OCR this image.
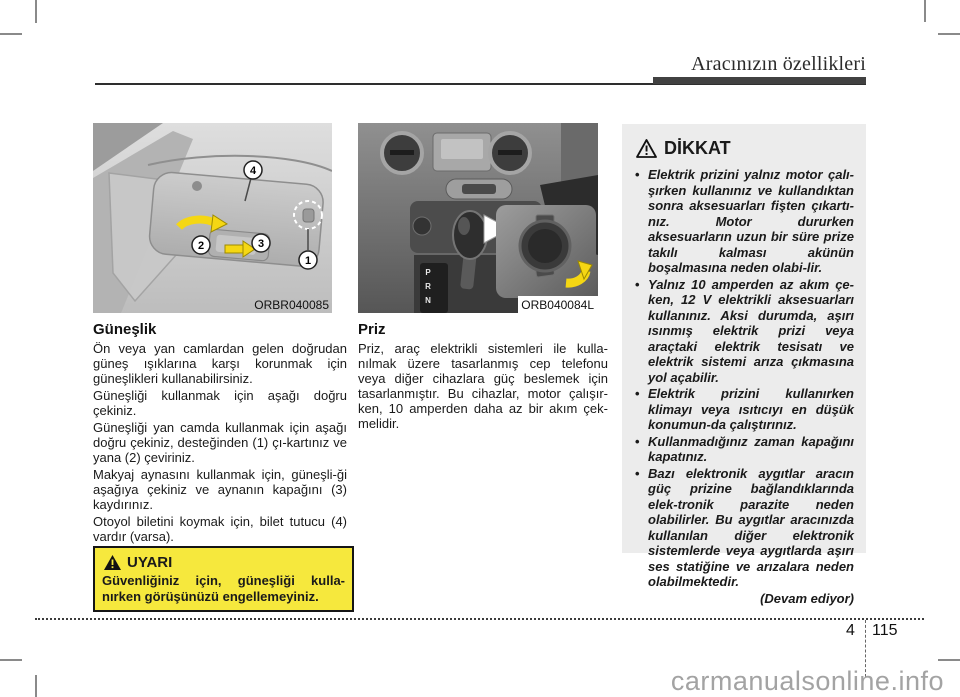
Aracınızın özellikleri
2	3
1
4
ORBR040085
P
R
N	ORB040084L
Güneşlik

Ön veya yan camlardan gelen doğrudan güneş ışıklarına karşı korunmak için güneşlikleri kullanabilirsiniz.

Güneşliği kullanmak için aşağı doğru çekiniz.

Güneşliği yan camda kullanmak için aşağı doğru çekiniz, desteğinden (1) çı-kartınız ve yana (2) çeviriniz.

Makyaj aynasını kullanmak için, güneşli-ği aşağıya çekiniz ve aynanın kapağını (3) kaydırınız.

Otoyol biletini koymak için, bilet tutucu (4) vardır (varsa).

UYARI
Güvenliğiniz için, güneşliği kulla-nırken görüşünüzü engellemeyiniz.
Priz

Priz, araç elektrikli sistemleri ile kulla-nılmak üzere tasarlanmış cep telefonu veya diğer cihazlara güç beslemek için tasarlanmıştır. Bu cihazlar, motor çalışır-ken, 10 amperden daha az bir akım çek-melidir.

DİKKAT
• Elektrik prizini yalnız motor çalı-şırken kullanınız ve kullandıktan sonra aksesuarları fişten çıkartı-nız. Motor dururken aksesuarların uzun bir süre prize takılı kalması akünün boşalmasına neden olabi-lir.
• Yalnız 10 amperden az akım çe-ken, 12 V elektrikli aksesuarları kullanınız. Aksi durumda, aşırı ısınmış elektrik prizi veya araçtaki elektrik tesisatı ve elektrik sistemi arıza çıkmasına yol açabilir.
• Elektrik prizini kullanırken klimayı veya ısıtıcıyı en düşük konumun-da çalıştırınız.
• Kullanmadığınız zaman kapağını kapatınız.
• Bazı elektronik aygıtlar aracın güç prizine bağlandıklarında elek-tronik parazite neden olabilirler. Bu aygıtlar aracınızda kullanılan diğer elektronik sistemlerde veya aygıtlarda aşırı ses statiğine ve arızalara neden olabilmektedir.
(Devam ediyor)
4 115
carmanualsonline.info
